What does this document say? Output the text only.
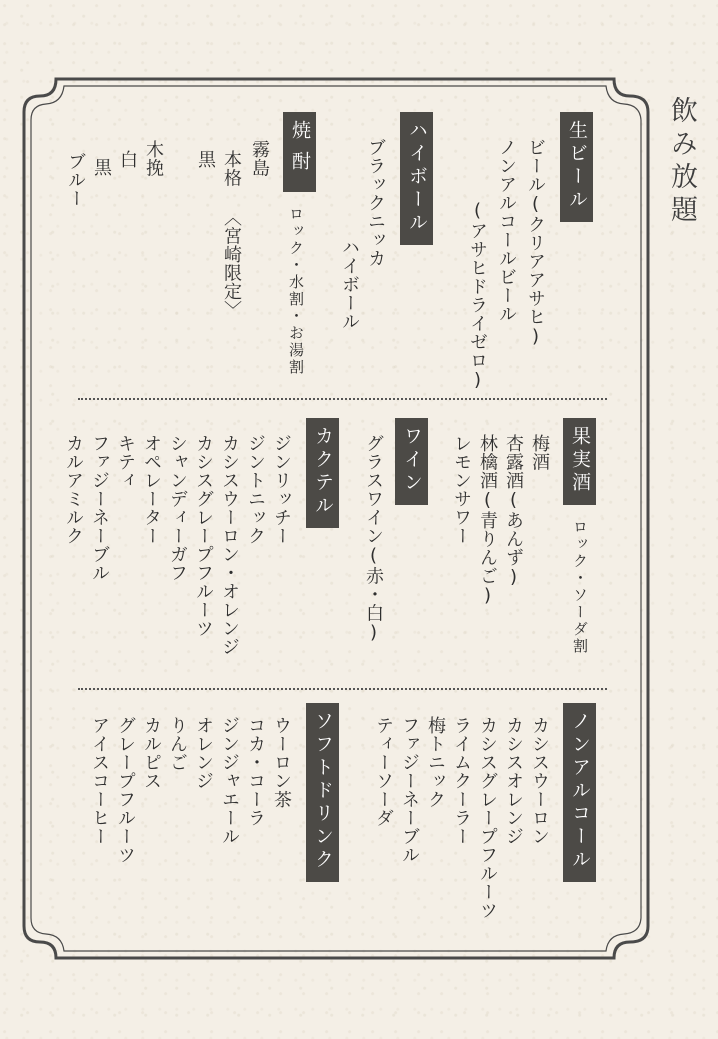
飲み放題
生ビール
ビール(クリアアサヒ)
ノンアルコールビール
(アサヒドライゼロ)
ハイボール
ブラックニッカ
ハイボール
焼酎
ロック・水割・お湯割
霧島
本格
〈宮崎限定〉
黒
白 木挽
黒
ブルー
果実酒
ロック・ソーダ割
梅酒
杏露酒(あんず)
林檎酒(青りんご)
レモンサワー
ワイン
グラスワイン(赤・白)
カクテル
ジンリッチー
ジントニック
カシスウーロン・オレンジ
カシスグレープフルーツ
シャンディーガフ
オペレーター
キティ
ファジーネーブル
カルアミルク
ノンアルコール
カシスウーロン
カシスオレンジ
カシスグレープフルーツ
ライムクーラー
梅トニック
ファジーネーブル
ティーソーダ
ソフトドリンク
ウーロン茶
コカ・コーラ
ジンジャエール
オレンジ
りんご
カルピス
グレープフルーツ
アイスコーヒー
